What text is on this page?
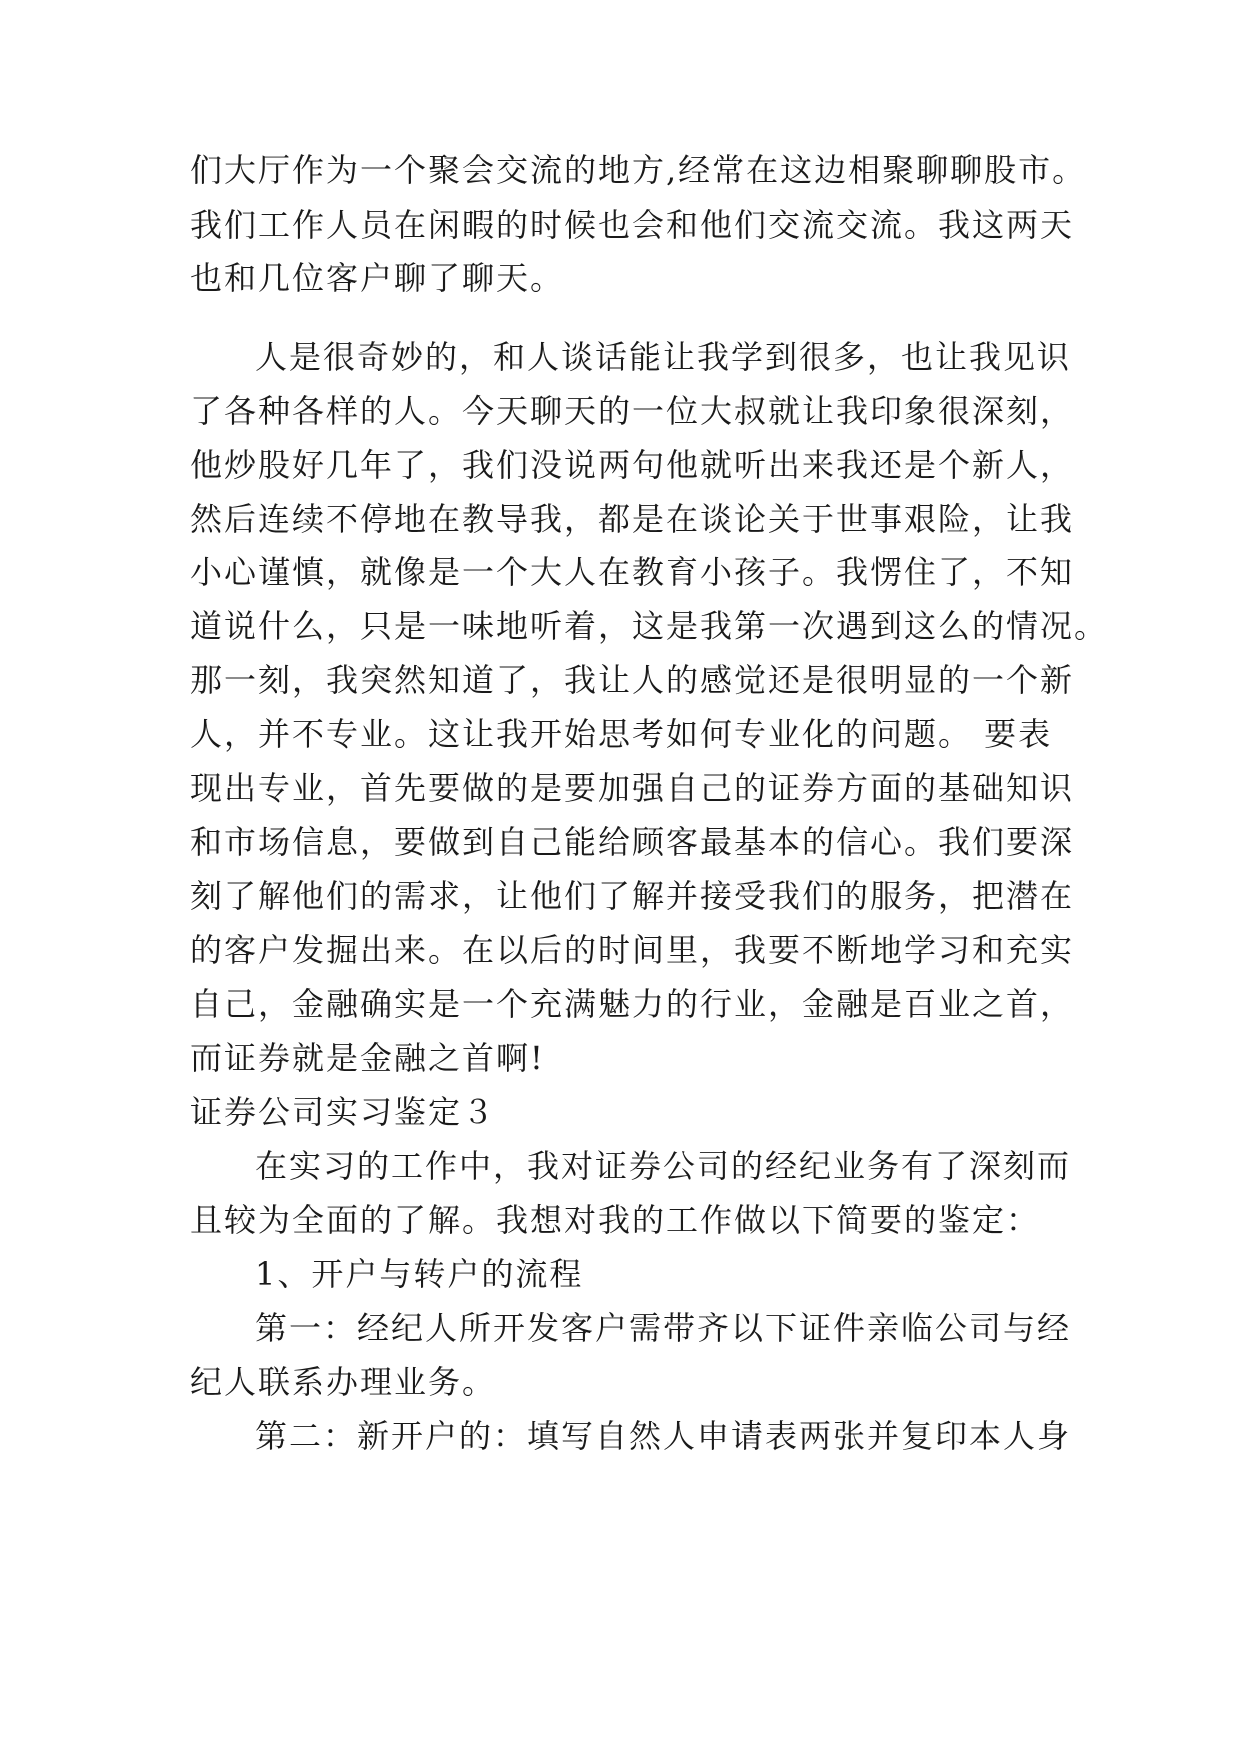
们大厅作为一个聚会交流的地方,经常在这边相聚聊聊股市。
我们工作人员在闲暇的时候也会和他们交流交流。我这两天
也和几位客户聊了聊天。
人是很奇妙的，和人谈话能让我学到很多，也让我见识
了各种各样的人。今天聊天的一位大叔就让我印象很深刻，
他炒股好几年了，我们没说两句他就听出来我还是个新人，
然后连续不停地在教导我，都是在谈论关于世事艰险，让我
小心谨慎，就像是一个大人在教育小孩子。我愣住了，不知
道说什么，只是一味地听着，这是我第一次遇到这么的情况。
那一刻，我突然知道了，我让人的感觉还是很明显的一个新
人，并不专业。这让我开始思考如何专业化的问题。 要表
现出专业，首先要做的是要加强自己的证券方面的基础知识
和市场信息，要做到自己能给顾客最基本的信心。我们要深
刻了解他们的需求，让他们了解并接受我们的服务，把潜在
的客户发掘出来。在以后的时间里，我要不断地学习和充实
自己，金融确实是一个充满魅力的行业，金融是百业之首，
而证券就是金融之首啊!
证券公司实习鉴定３
在实习的工作中，我对证券公司的经纪业务有了深刻而
且较为全面的了解。我想对我的工作做以下简要的鉴定：
1、开户与转户的流程
第一：经纪人所开发客户需带齐以下证件亲临公司与经
纪人联系办理业务。
第二：新开户的：填写自然人申请表两张并复印本人身
